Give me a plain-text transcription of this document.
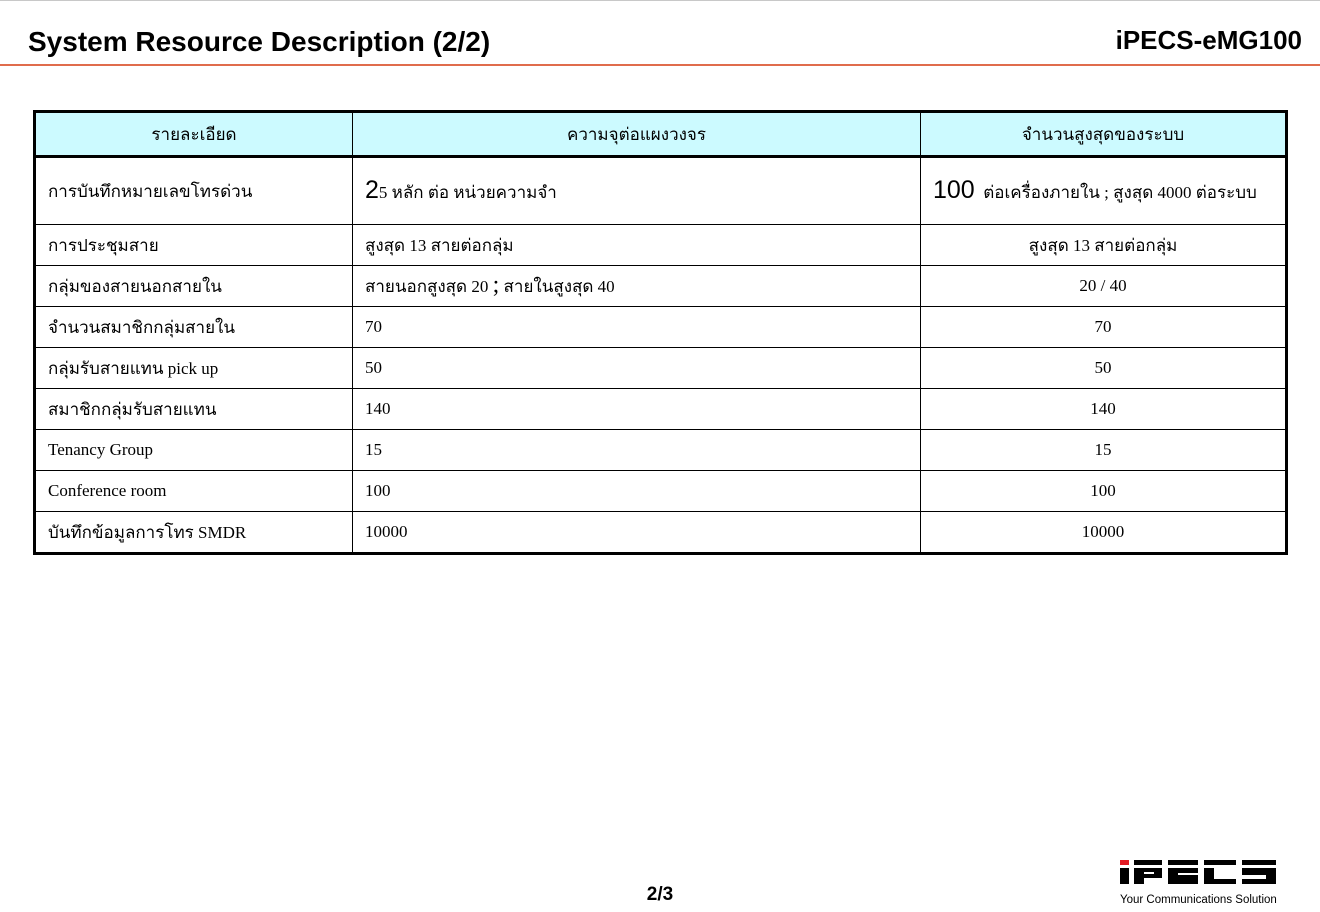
System Resource Description (2/2)	iPECS-eMG100
รายละเอียด	ความจุต่อแผงวงจร	จำนวนสูงสุดของระบบ
การบันทึกหมายเลขโทรด่วน	25 หลัก ต่อ หน่วยความจำ	100 ต่อเครื่องภายใน ; สูงสุด 4000 ต่อระบบ
การประชุมสาย	สูงสุด 13 สายต่อกลุ่ม	สูงสุด 13 สายต่อกลุ่ม
กลุ่มของสายนอกสายใน	สายนอกสูงสุด 20 ; สายในสูงสุด 40	20 / 40
จำนวนสมาชิกกลุ่มสายใน	70	70
กลุ่มรับสายแทน pick up	50	50
สมาชิกกลุ่มรับสายแทน	140	140
Tenancy Group	15	15
Conference room	100	100
บันทึกข้อมูลการโทร SMDR	10000	10000
2/3	Your Communications Solution
